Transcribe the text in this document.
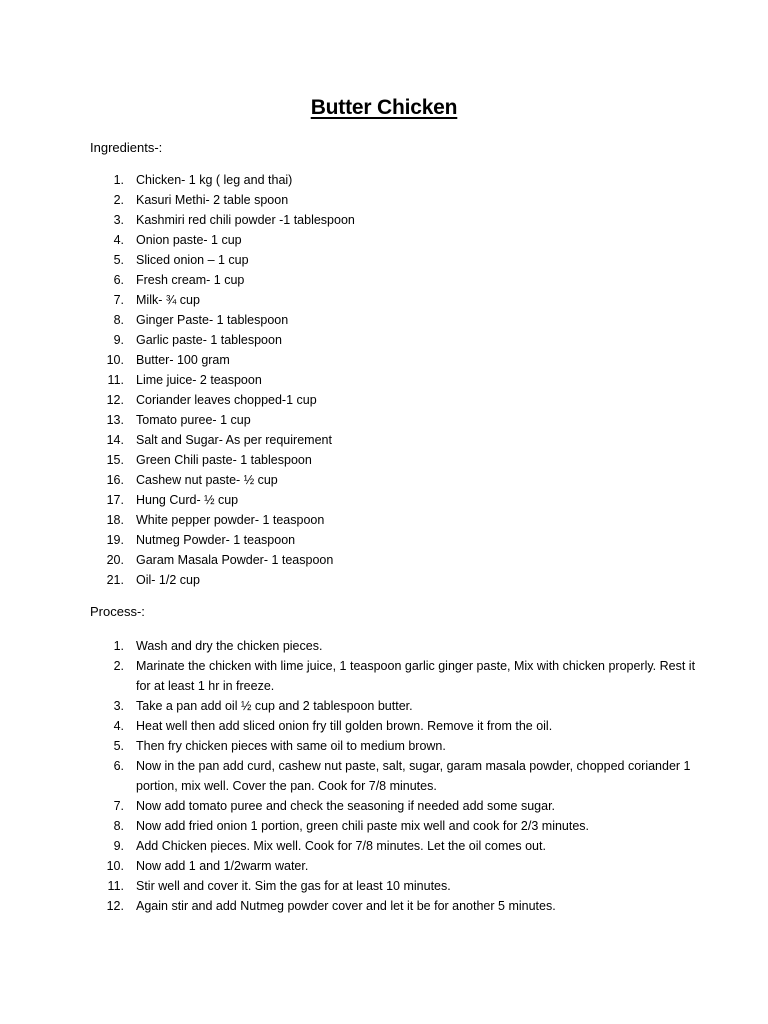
Butter Chicken
Ingredients-:
1. Chicken- 1 kg ( leg and thai)
2. Kasuri Methi- 2 table spoon
3. Kashmiri red chili powder -1 tablespoon
4. Onion paste- 1 cup
5. Sliced onion – 1 cup
6. Fresh cream- 1 cup
7. Milk- ¾ cup
8. Ginger Paste- 1 tablespoon
9. Garlic paste- 1 tablespoon
10. Butter- 100 gram
11. Lime juice- 2 teaspoon
12. Coriander leaves chopped-1 cup
13. Tomato puree- 1 cup
14. Salt and Sugar- As per requirement
15. Green Chili paste- 1 tablespoon
16. Cashew nut paste- ½ cup
17. Hung Curd- ½ cup
18. White pepper powder- 1 teaspoon
19. Nutmeg Powder- 1 teaspoon
20. Garam Masala Powder- 1 teaspoon
21. Oil- 1/2 cup
Process-:
1. Wash and dry the chicken pieces.
2. Marinate the chicken with lime juice, 1 teaspoon garlic ginger paste, Mix with chicken properly. Rest it for at least 1 hr in freeze.
3. Take a pan add oil ½ cup and 2 tablespoon butter.
4. Heat well then add sliced onion fry till golden brown. Remove it from the oil.
5. Then fry chicken pieces with same oil to medium brown.
6. Now in the pan add curd, cashew nut paste, salt, sugar, garam masala powder, chopped coriander 1 portion, mix well. Cover the pan. Cook for 7/8 minutes.
7. Now add tomato puree and check the seasoning if needed add some sugar.
8. Now add fried onion 1 portion, green chili paste mix well and cook for 2/3 minutes.
9. Add Chicken pieces. Mix well. Cook for 7/8 minutes. Let the oil comes out.
10. Now add 1 and 1/2warm water.
11. Stir well and cover it. Sim the gas for at least 10 minutes.
12. Again stir and add Nutmeg powder cover and let it be for another 5 minutes.
